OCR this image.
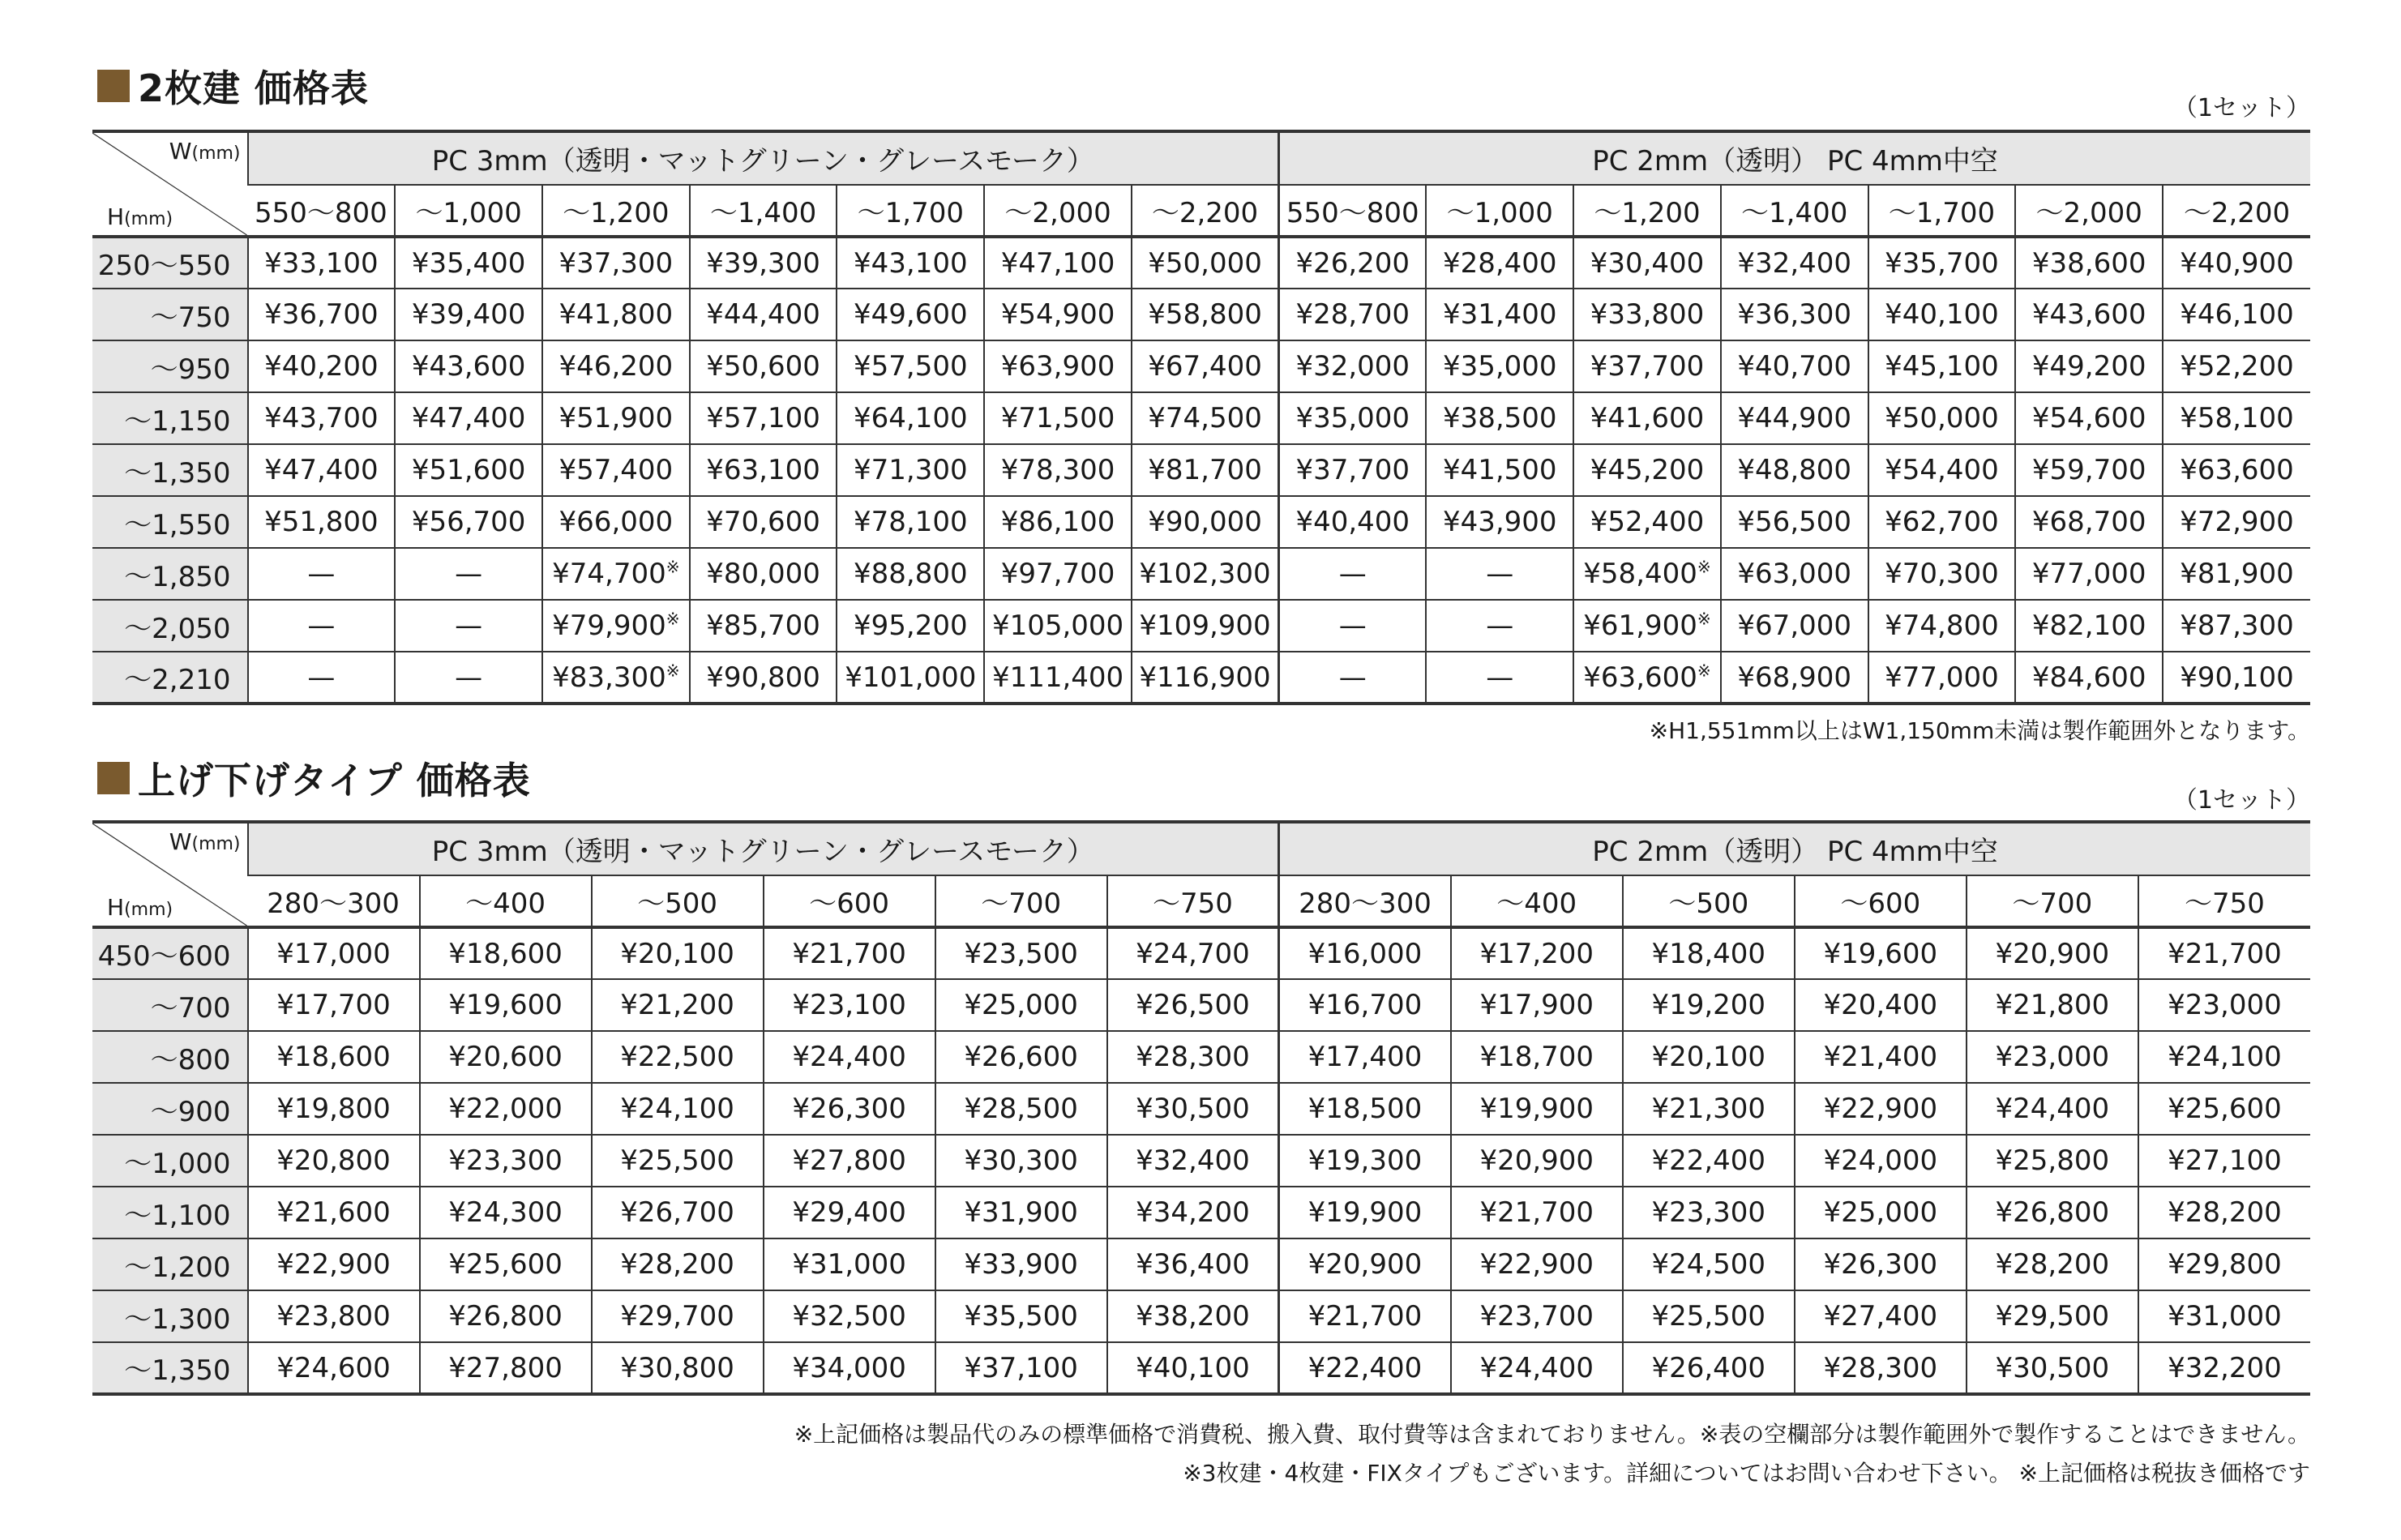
2枚建 価格表	（1セット）
W(mm)
H(mm)	PC 3mm（透明・マットグリーン・グレースモーク）							PC 2mm（透明） PC 4mm中空						
	550〜800	〜1,000	〜1,200	〜1,400	〜1,700	〜2,000	〜2,200	550〜800	〜1,000	〜1,200	〜1,400	〜1,700	〜2,000	〜2,200
250〜550	¥33,100	¥35,400	¥37,300	¥39,300	¥43,100	¥47,100	¥50,000	¥26,200	¥28,400	¥30,400	¥32,400	¥35,700	¥38,600	¥40,900
〜750	¥36,700	¥39,400	¥41,800	¥44,400	¥49,600	¥54,900	¥58,800	¥28,700	¥31,400	¥33,800	¥36,300	¥40,100	¥43,600	¥46,100
〜950	¥40,200	¥43,600	¥46,200	¥50,600	¥57,500	¥63,900	¥67,400	¥32,000	¥35,000	¥37,700	¥40,700	¥45,100	¥49,200	¥52,200
〜1,150	¥43,700	¥47,400	¥51,900	¥57,100	¥64,100	¥71,500	¥74,500	¥35,000	¥38,500	¥41,600	¥44,900	¥50,000	¥54,600	¥58,100
〜1,350	¥47,400	¥51,600	¥57,400	¥63,100	¥71,300	¥78,300	¥81,700	¥37,700	¥41,500	¥45,200	¥48,800	¥54,400	¥59,700	¥63,600
〜1,550	¥51,800	¥56,700	¥66,000	¥70,600	¥78,100	¥86,100	¥90,000	¥40,400	¥43,900	¥52,400	¥56,500	¥62,700	¥68,700	¥72,900
〜1,850	—	—	¥74,700※	¥80,000	¥88,800	¥97,700	¥102,300	—	—	¥58,400※	¥63,000	¥70,300	¥77,000	¥81,900
〜2,050	—	—	¥79,900※	¥85,700	¥95,200	¥105,000	¥109,900	—	—	¥61,900※	¥67,000	¥74,800	¥82,100	¥87,300
〜2,210	—	—	¥83,300※	¥90,800	¥101,000	¥111,400	¥116,900	—	—	¥63,600※	¥68,900	¥77,000	¥84,600	¥90,100
※H1,551mm以上はW1,150mm未満は製作範囲外となります。
上げ下げタイプ 価格表	（1セット）
W(mm)
H(mm)	PC 3mm（透明・マットグリーン・グレースモーク）						PC 2mm（透明） PC 4mm中空					
	280〜300	〜400	〜500	〜600	〜700	〜750	280〜300	〜400	〜500	〜600	〜700	〜750
450〜600	¥17,000	¥18,600	¥20,100	¥21,700	¥23,500	¥24,700	¥16,000	¥17,200	¥18,400	¥19,600	¥20,900	¥21,700
〜700	¥17,700	¥19,600	¥21,200	¥23,100	¥25,000	¥26,500	¥16,700	¥17,900	¥19,200	¥20,400	¥21,800	¥23,000
〜800	¥18,600	¥20,600	¥22,500	¥24,400	¥26,600	¥28,300	¥17,400	¥18,700	¥20,100	¥21,400	¥23,000	¥24,100
〜900	¥19,800	¥22,000	¥24,100	¥26,300	¥28,500	¥30,500	¥18,500	¥19,900	¥21,300	¥22,900	¥24,400	¥25,600
〜1,000	¥20,800	¥23,300	¥25,500	¥27,800	¥30,300	¥32,400	¥19,300	¥20,900	¥22,400	¥24,000	¥25,800	¥27,100
〜1,100	¥21,600	¥24,300	¥26,700	¥29,400	¥31,900	¥34,200	¥19,900	¥21,700	¥23,300	¥25,000	¥26,800	¥28,200
〜1,200	¥22,900	¥25,600	¥28,200	¥31,000	¥33,900	¥36,400	¥20,900	¥22,900	¥24,500	¥26,300	¥28,200	¥29,800
〜1,300	¥23,800	¥26,800	¥29,700	¥32,500	¥35,500	¥38,200	¥21,700	¥23,700	¥25,500	¥27,400	¥29,500	¥31,000
〜1,350	¥24,600	¥27,800	¥30,800	¥34,000	¥37,100	¥40,100	¥22,400	¥24,400	¥26,400	¥28,300	¥30,500	¥32,200
※上記価格は製品代のみの標準価格で消費税、搬入費、取付費等は含まれておりません。※表の空欄部分は製作範囲外で製作することはできません。
※3枚建・4枚建・FIXタイプもございます。詳細についてはお問い合わせ下さい。 ※上記価格は税抜き価格です
